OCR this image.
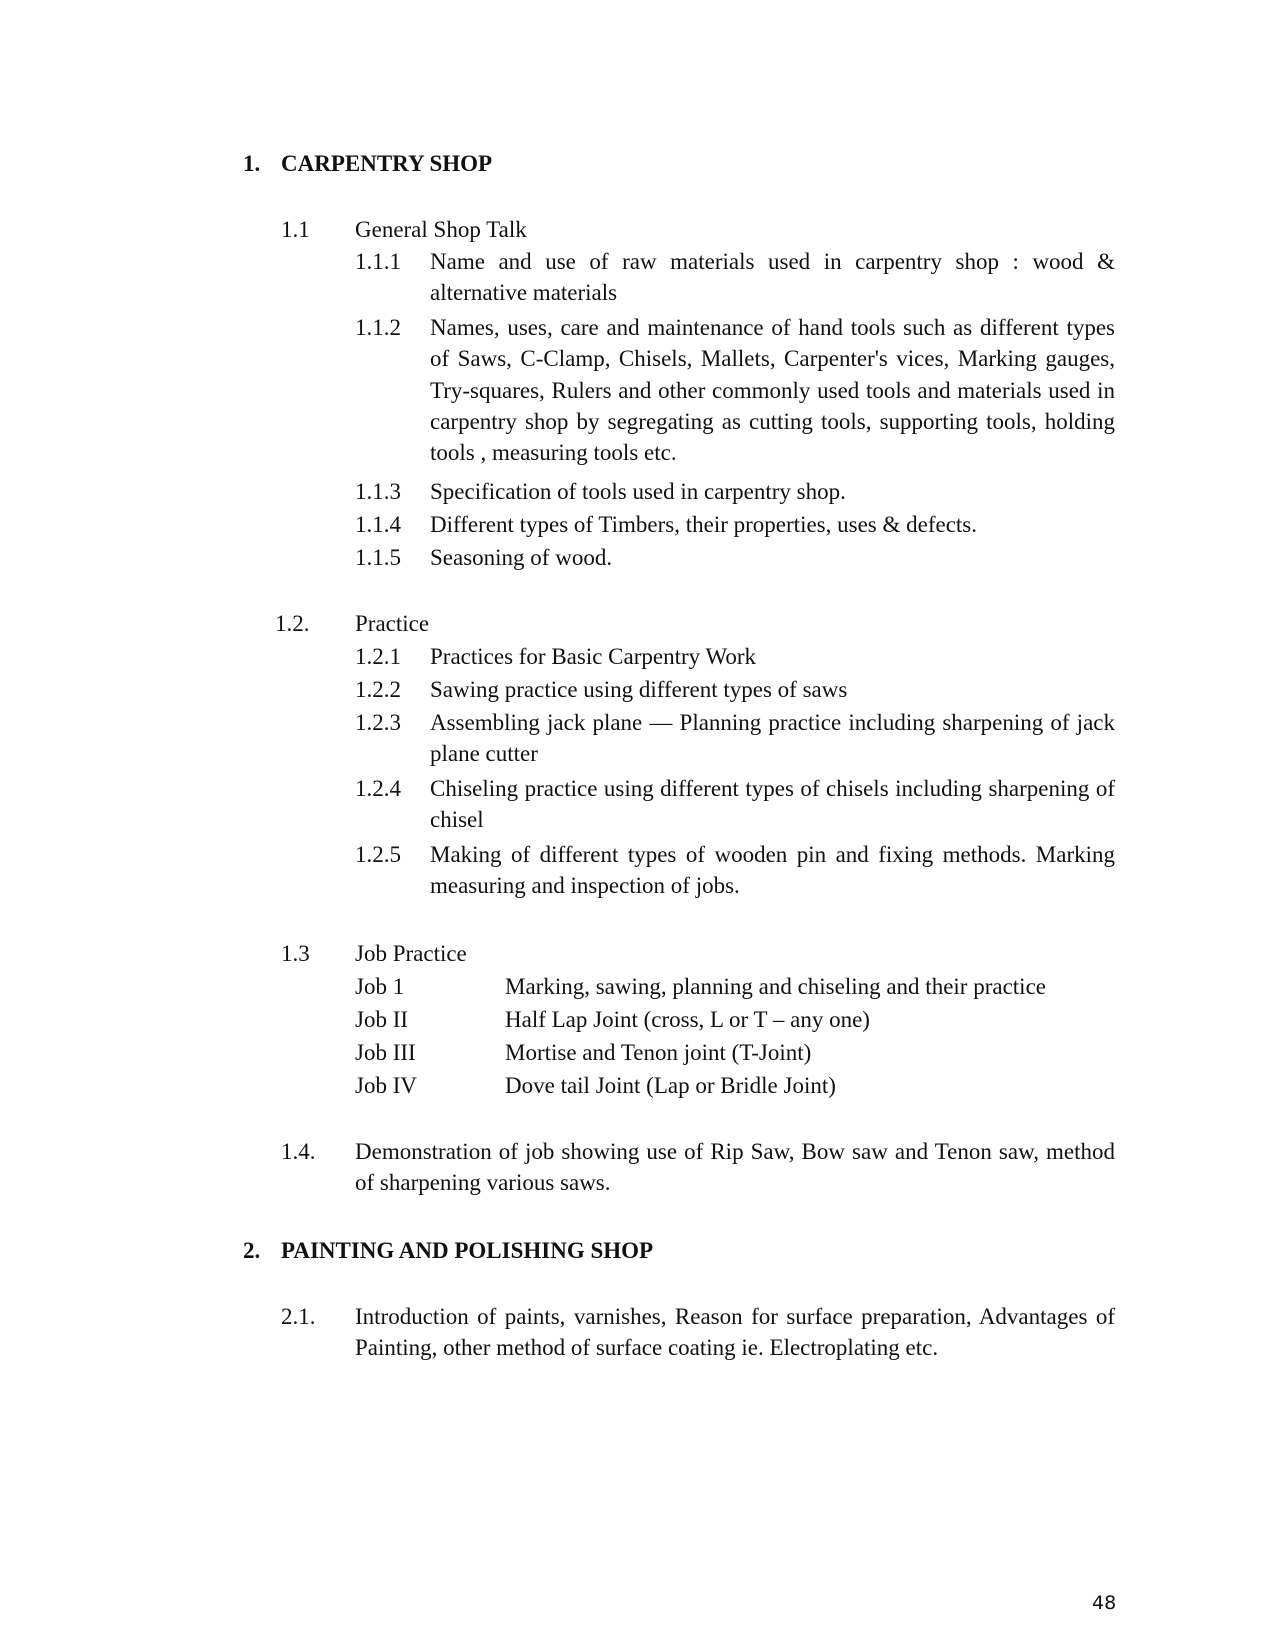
1. CARPENTRY SHOP
1.1 General Shop Talk
1.1.1 Name and use of raw materials used in carpentry shop : wood & alternative materials
1.1.2 Names, uses, care and maintenance of hand tools such as different types of Saws, C-Clamp, Chisels, Mallets, Carpenter's vices, Marking gauges, Try-squares, Rulers and other commonly used tools and materials used in carpentry shop by segregating as cutting tools, supporting tools, holding tools , measuring tools etc.
1.1.3 Specification of tools used in carpentry shop.
1.1.4 Different types of Timbers, their properties, uses & defects.
1.1.5 Seasoning of wood.
1.2. Practice
1.2.1 Practices for Basic Carpentry Work
1.2.2 Sawing practice using different types of saws
1.2.3 Assembling jack plane — Planning practice including sharpening of jack plane cutter
1.2.4 Chiseling practice using different types of chisels including sharpening of chisel
1.2.5 Making of different types of wooden pin and fixing methods. Marking measuring and inspection of jobs.
1.3 Job Practice
Job 1	Marking, sawing, planning and chiseling and their practice
Job II	Half Lap Joint (cross, L or T – any one)
Job III	Mortise and Tenon joint (T-Joint)
Job IV	Dove tail Joint (Lap or Bridle Joint)
1.4. Demonstration of job showing use of Rip Saw, Bow saw and Tenon saw, method of sharpening various saws.
2. PAINTING AND POLISHING SHOP
2.1. Introduction of paints, varnishes, Reason for surface preparation, Advantages of Painting, other method of surface coating ie. Electroplating etc.
48
